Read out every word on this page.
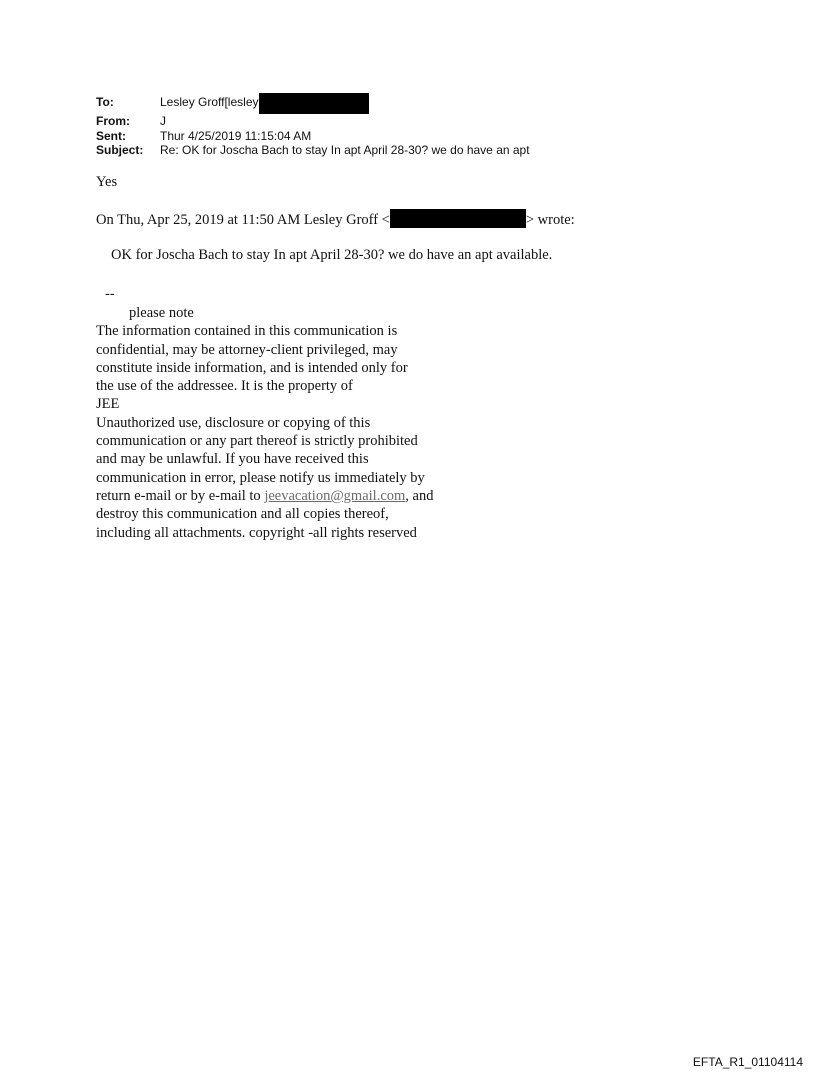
To:	Lesley Groff[lesley
From:	J
Sent:	Thur 4/25/2019 11:15:04 AM
Subject:	Re: OK for Joscha Bach to stay In apt April 28-30? we do have an apt
Yes
On Thu, Apr 25, 2019 at 11:50 AM Lesley Groff <	> wrote:
OK for Joscha Bach to stay In apt April 28-30? we do have an apt available.
--
please note
The information contained in this communication is
confidential, may be attorney-client privileged, may
constitute inside information, and is intended only for
the use of the addressee. It is the property of
JEE
Unauthorized use, disclosure or copying of this
communication or any part thereof is strictly prohibited
and may be unlawful. If you have received this
communication in error, please notify us immediately by
return e-mail or by e-mail to jeevacation@gmail.com, and
destroy this communication and all copies thereof,
including all attachments. copyright -all rights reserved
EFTA_R1_01104114
